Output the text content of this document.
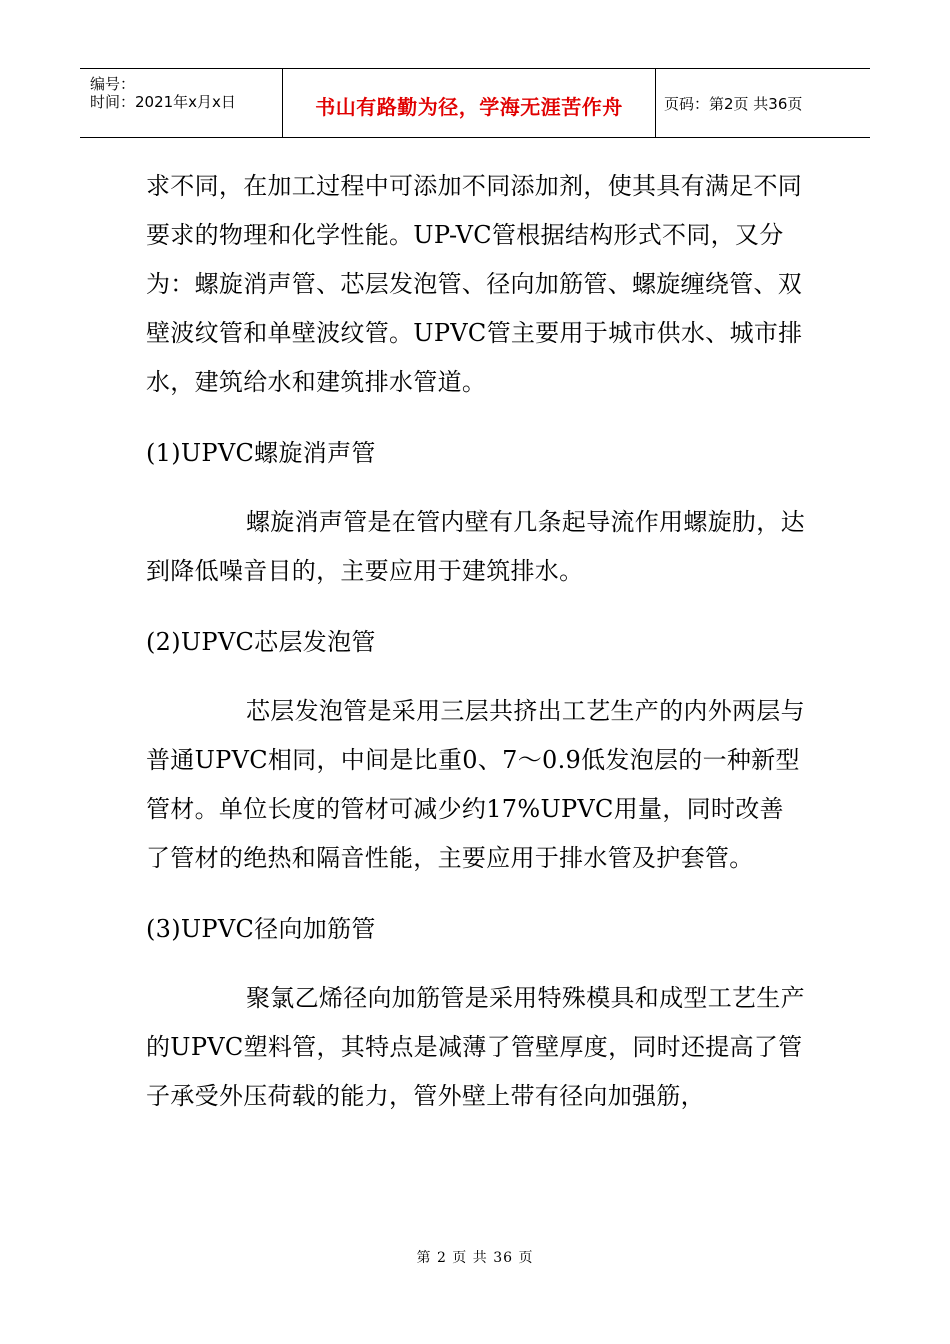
编号：
时间：2021年x月x日	书山有路勤为径，学海无涯苦作舟	页码：第2页 共36页

求不同，在加工过程中可添加不同添加剂，使其具有满足不同要求的物理和化学性能。UP-VC管根据结构形式不同，又分为：螺旋消声管、芯层发泡管、径向加筋管、螺旋缠绕管、双壁波纹管和单壁波纹管。UPVC管主要用于城市供水、城市排水，建筑给水和建筑排水管道。

(1)UPVC螺旋消声管

螺旋消声管是在管内壁有几条起导流作用螺旋肋，达到降低噪音目的，主要应用于建筑排水。

(2)UPVC芯层发泡管

芯层发泡管是采用三层共挤出工艺生产的内外两层与普通UPVC相同，中间是比重0、7～0.9低发泡层的一种新型管材。单位长度的管材可减少约17%UPVC用量，同时改善了管材的绝热和隔音性能，主要应用于排水管及护套管。

(3)UPVC径向加筋管

聚氯乙烯径向加筋管是采用特殊模具和成型工艺生产的UPVC塑料管，其特点是减薄了管壁厚度，同时还提高了管子承受外压荷载的能力，管外壁上带有径向加强筋，

第 2 页 共 36 页
